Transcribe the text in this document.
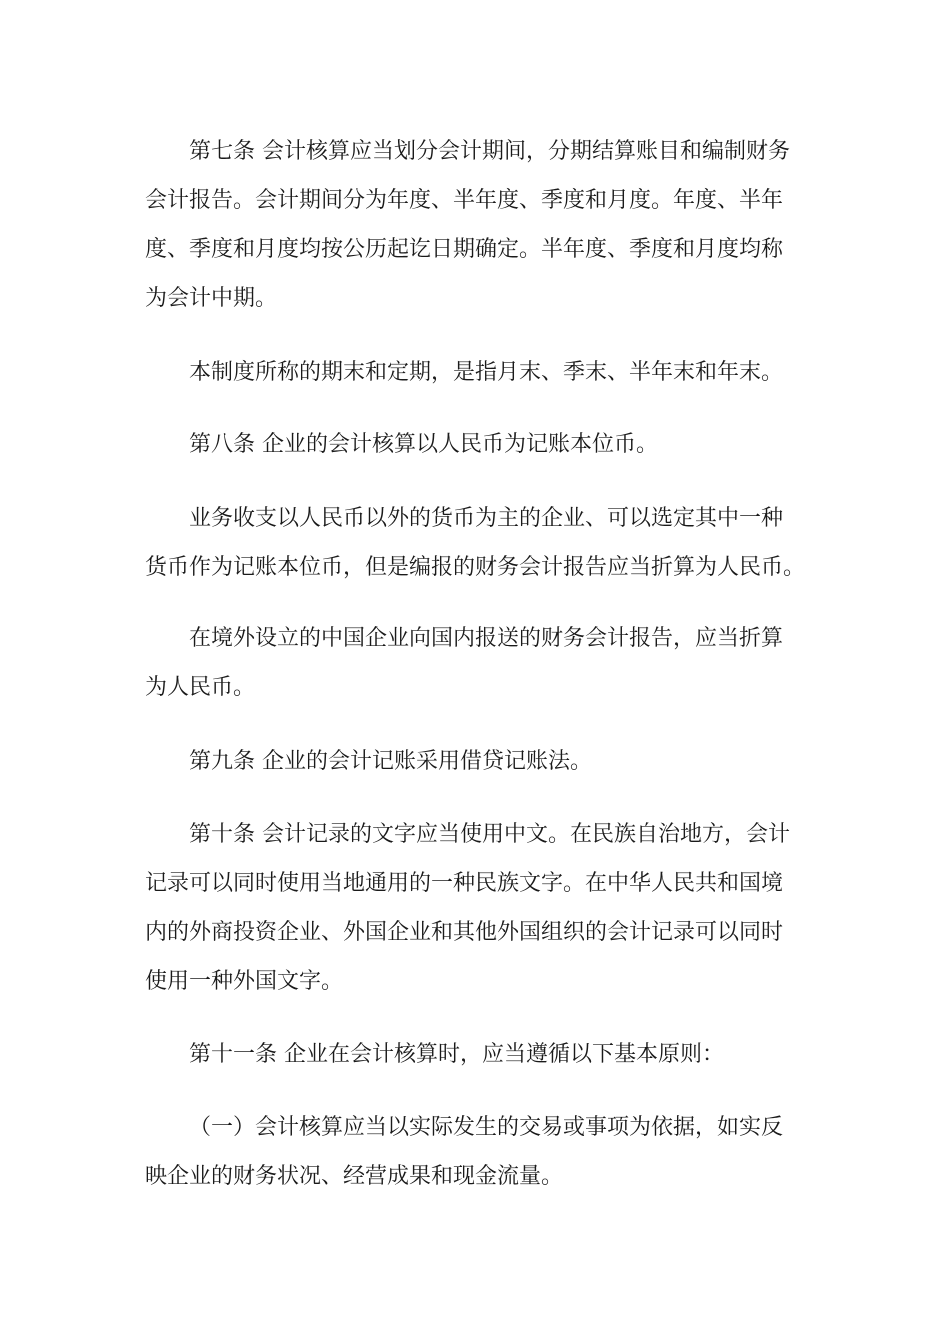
第七条 会计核算应当划分会计期间，分期结算账目和编制财务
会计报告。会计期间分为年度、半年度、季度和月度。年度、半年
度、季度和月度均按公历起讫日期确定。半年度、季度和月度均称
为会计中期。

本制度所称的期末和定期，是指月末、季末、半年末和年末。

第八条 企业的会计核算以人民币为记账本位币。

业务收支以人民币以外的货币为主的企业、可以选定其中一种
货币作为记账本位币，但是编报的财务会计报告应当折算为人民币。

在境外设立的中国企业向国内报送的财务会计报告，应当折算
为人民币。

第九条 企业的会计记账采用借贷记账法。

第十条 会计记录的文字应当使用中文。在民族自治地方，会计
记录可以同时使用当地通用的一种民族文字。在中华人民共和国境
内的外商投资企业、外国企业和其他外国组织的会计记录可以同时
使用一种外国文字。

第十一条 企业在会计核算时，应当遵循以下基本原则：

（一）会计核算应当以实际发生的交易或事项为依据，如实反
映企业的财务状况、经营成果和现金流量。
